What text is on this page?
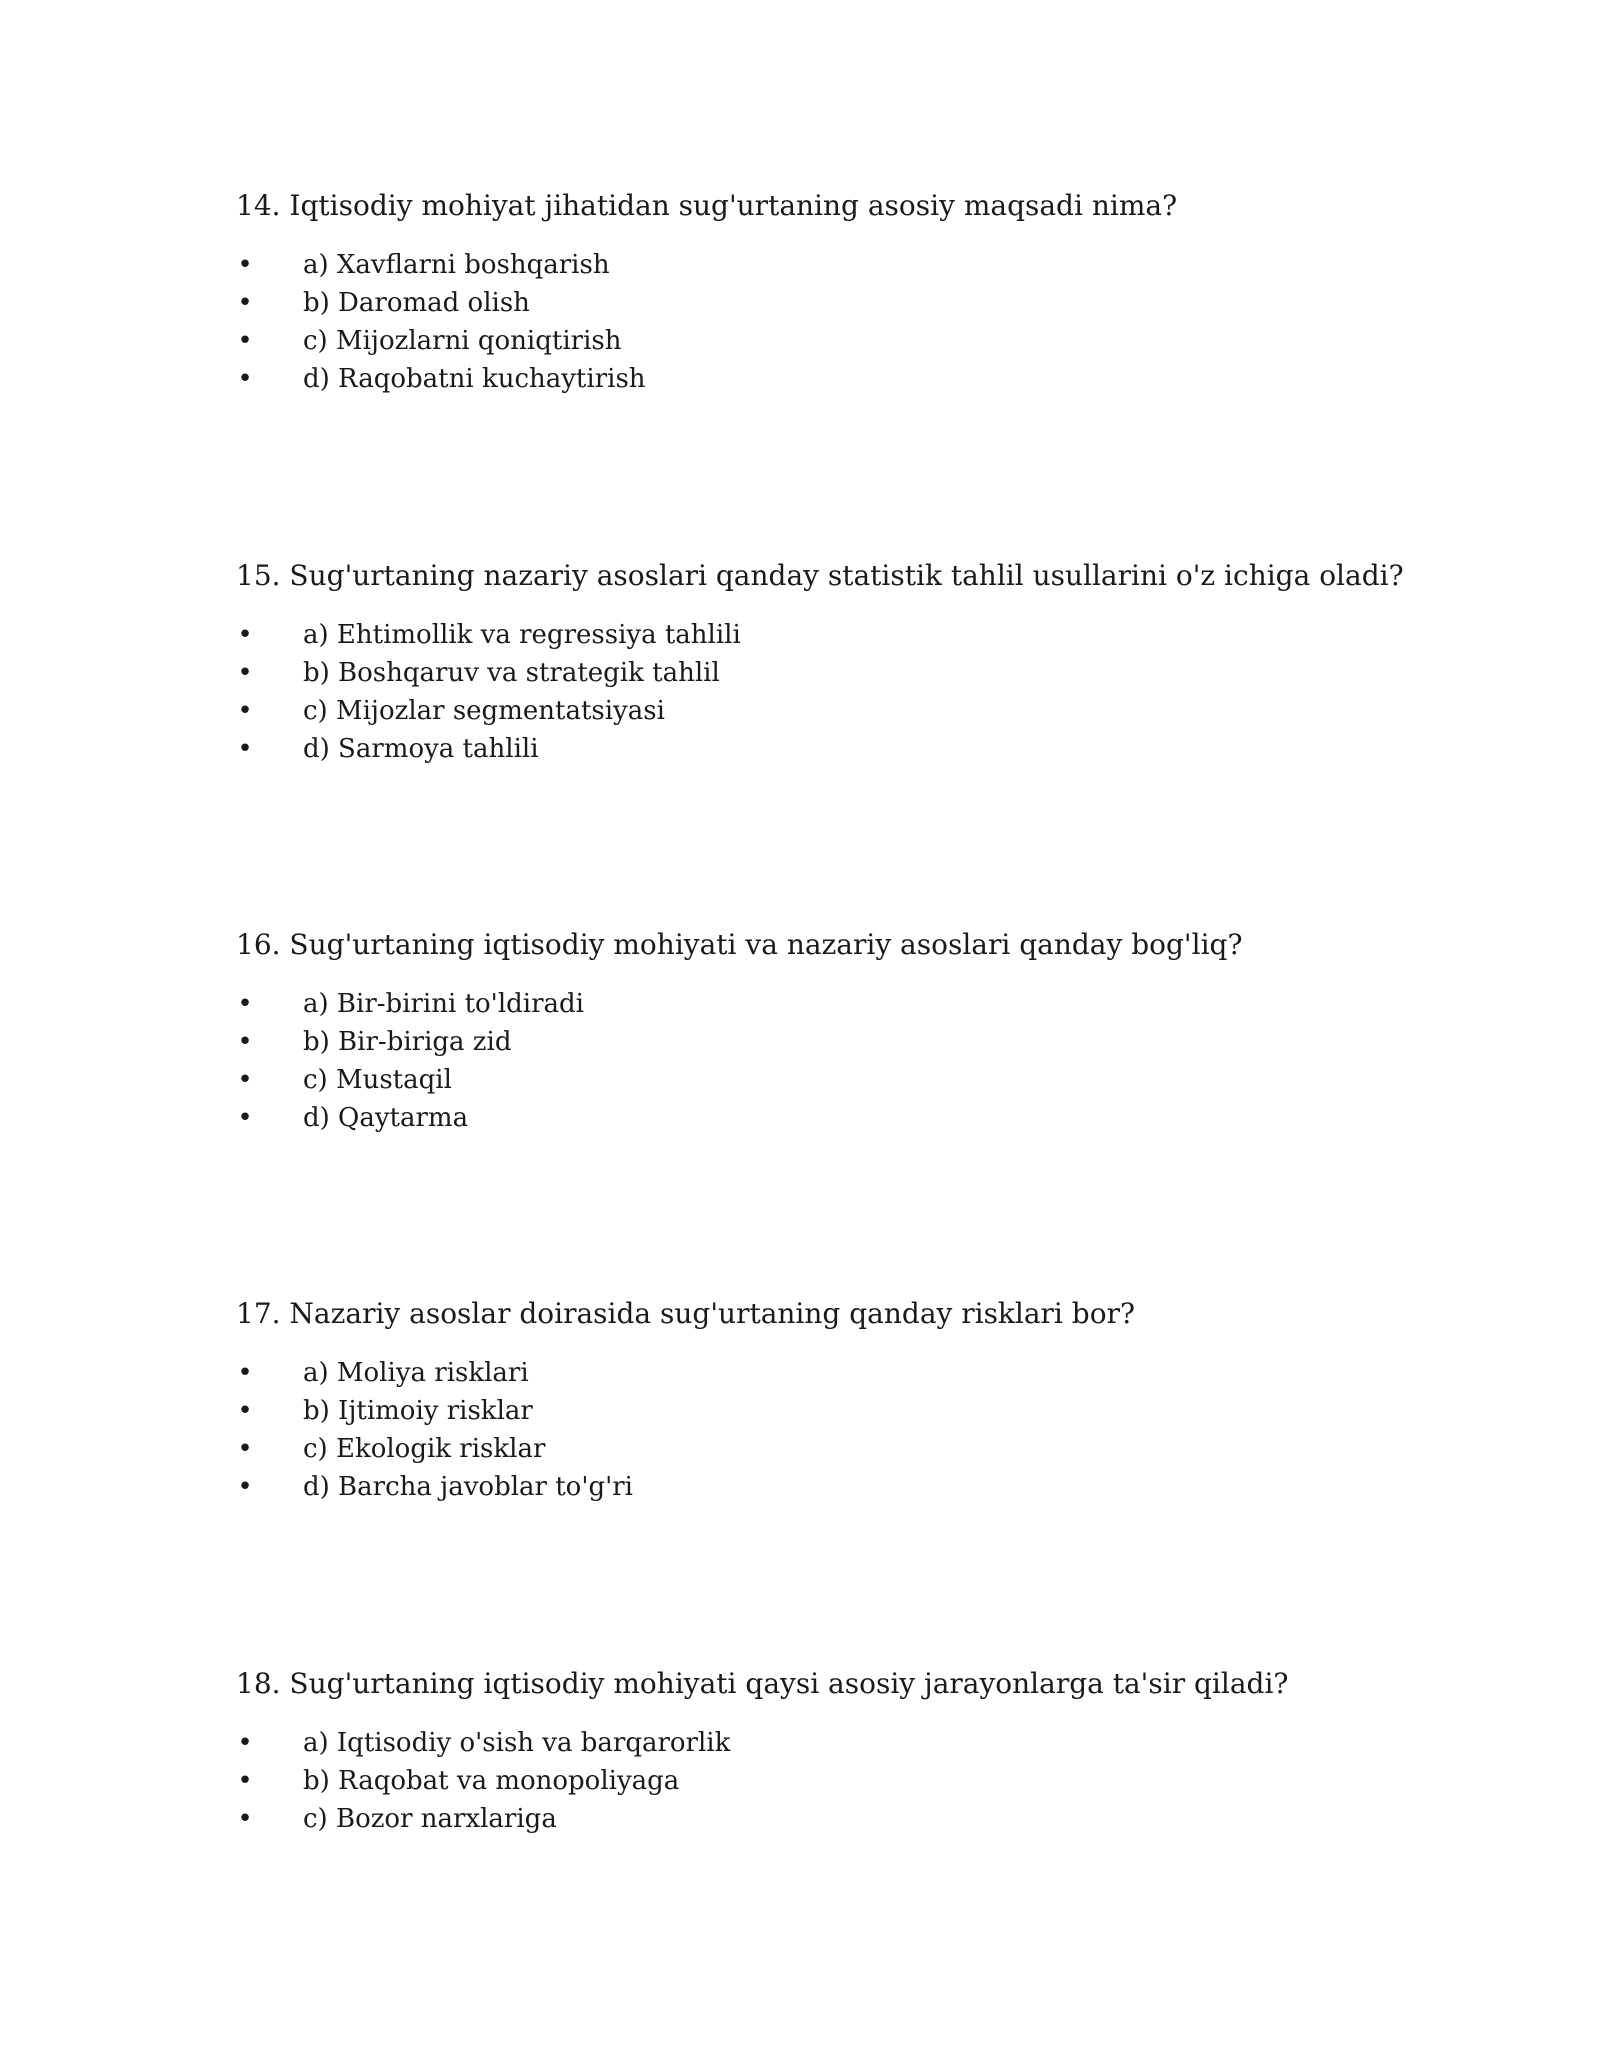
14. Iqtisodiy mohiyat jihatidan sug'urtaning asosiy maqsadi nima?
• a) Xavflarni boshqarish
• b) Daromad olish
• c) Mijozlarni qoniqtirish
• d) Raqobatni kuchaytirish
15. Sug'urtaning nazariy asoslari qanday statistik tahlil usullarini o'z ichiga oladi?
• a) Ehtimollik va regressiya tahlili
• b) Boshqaruv va strategik tahlil
• c) Mijozlar segmentatsiyasi
• d) Sarmoya tahlili
16. Sug'urtaning iqtisodiy mohiyati va nazariy asoslari qanday bog'liq?
• a) Bir-birini to'ldiradi
• b) Bir-biriga zid
• c) Mustaqil
• d) Qaytarma
17. Nazariy asoslar doirasida sug'urtaning qanday risklari bor?
• a) Moliya risklari
• b) Ijtimoiy risklar
• c) Ekologik risklar
• d) Barcha javoblar to'g'ri
18. Sug'urtaning iqtisodiy mohiyati qaysi asosiy jarayonlarga ta'sir qiladi?
• a) Iqtisodiy o'sish va barqarorlik
• b) Raqobat va monopoliyaga
• c) Bozor narxlariga
